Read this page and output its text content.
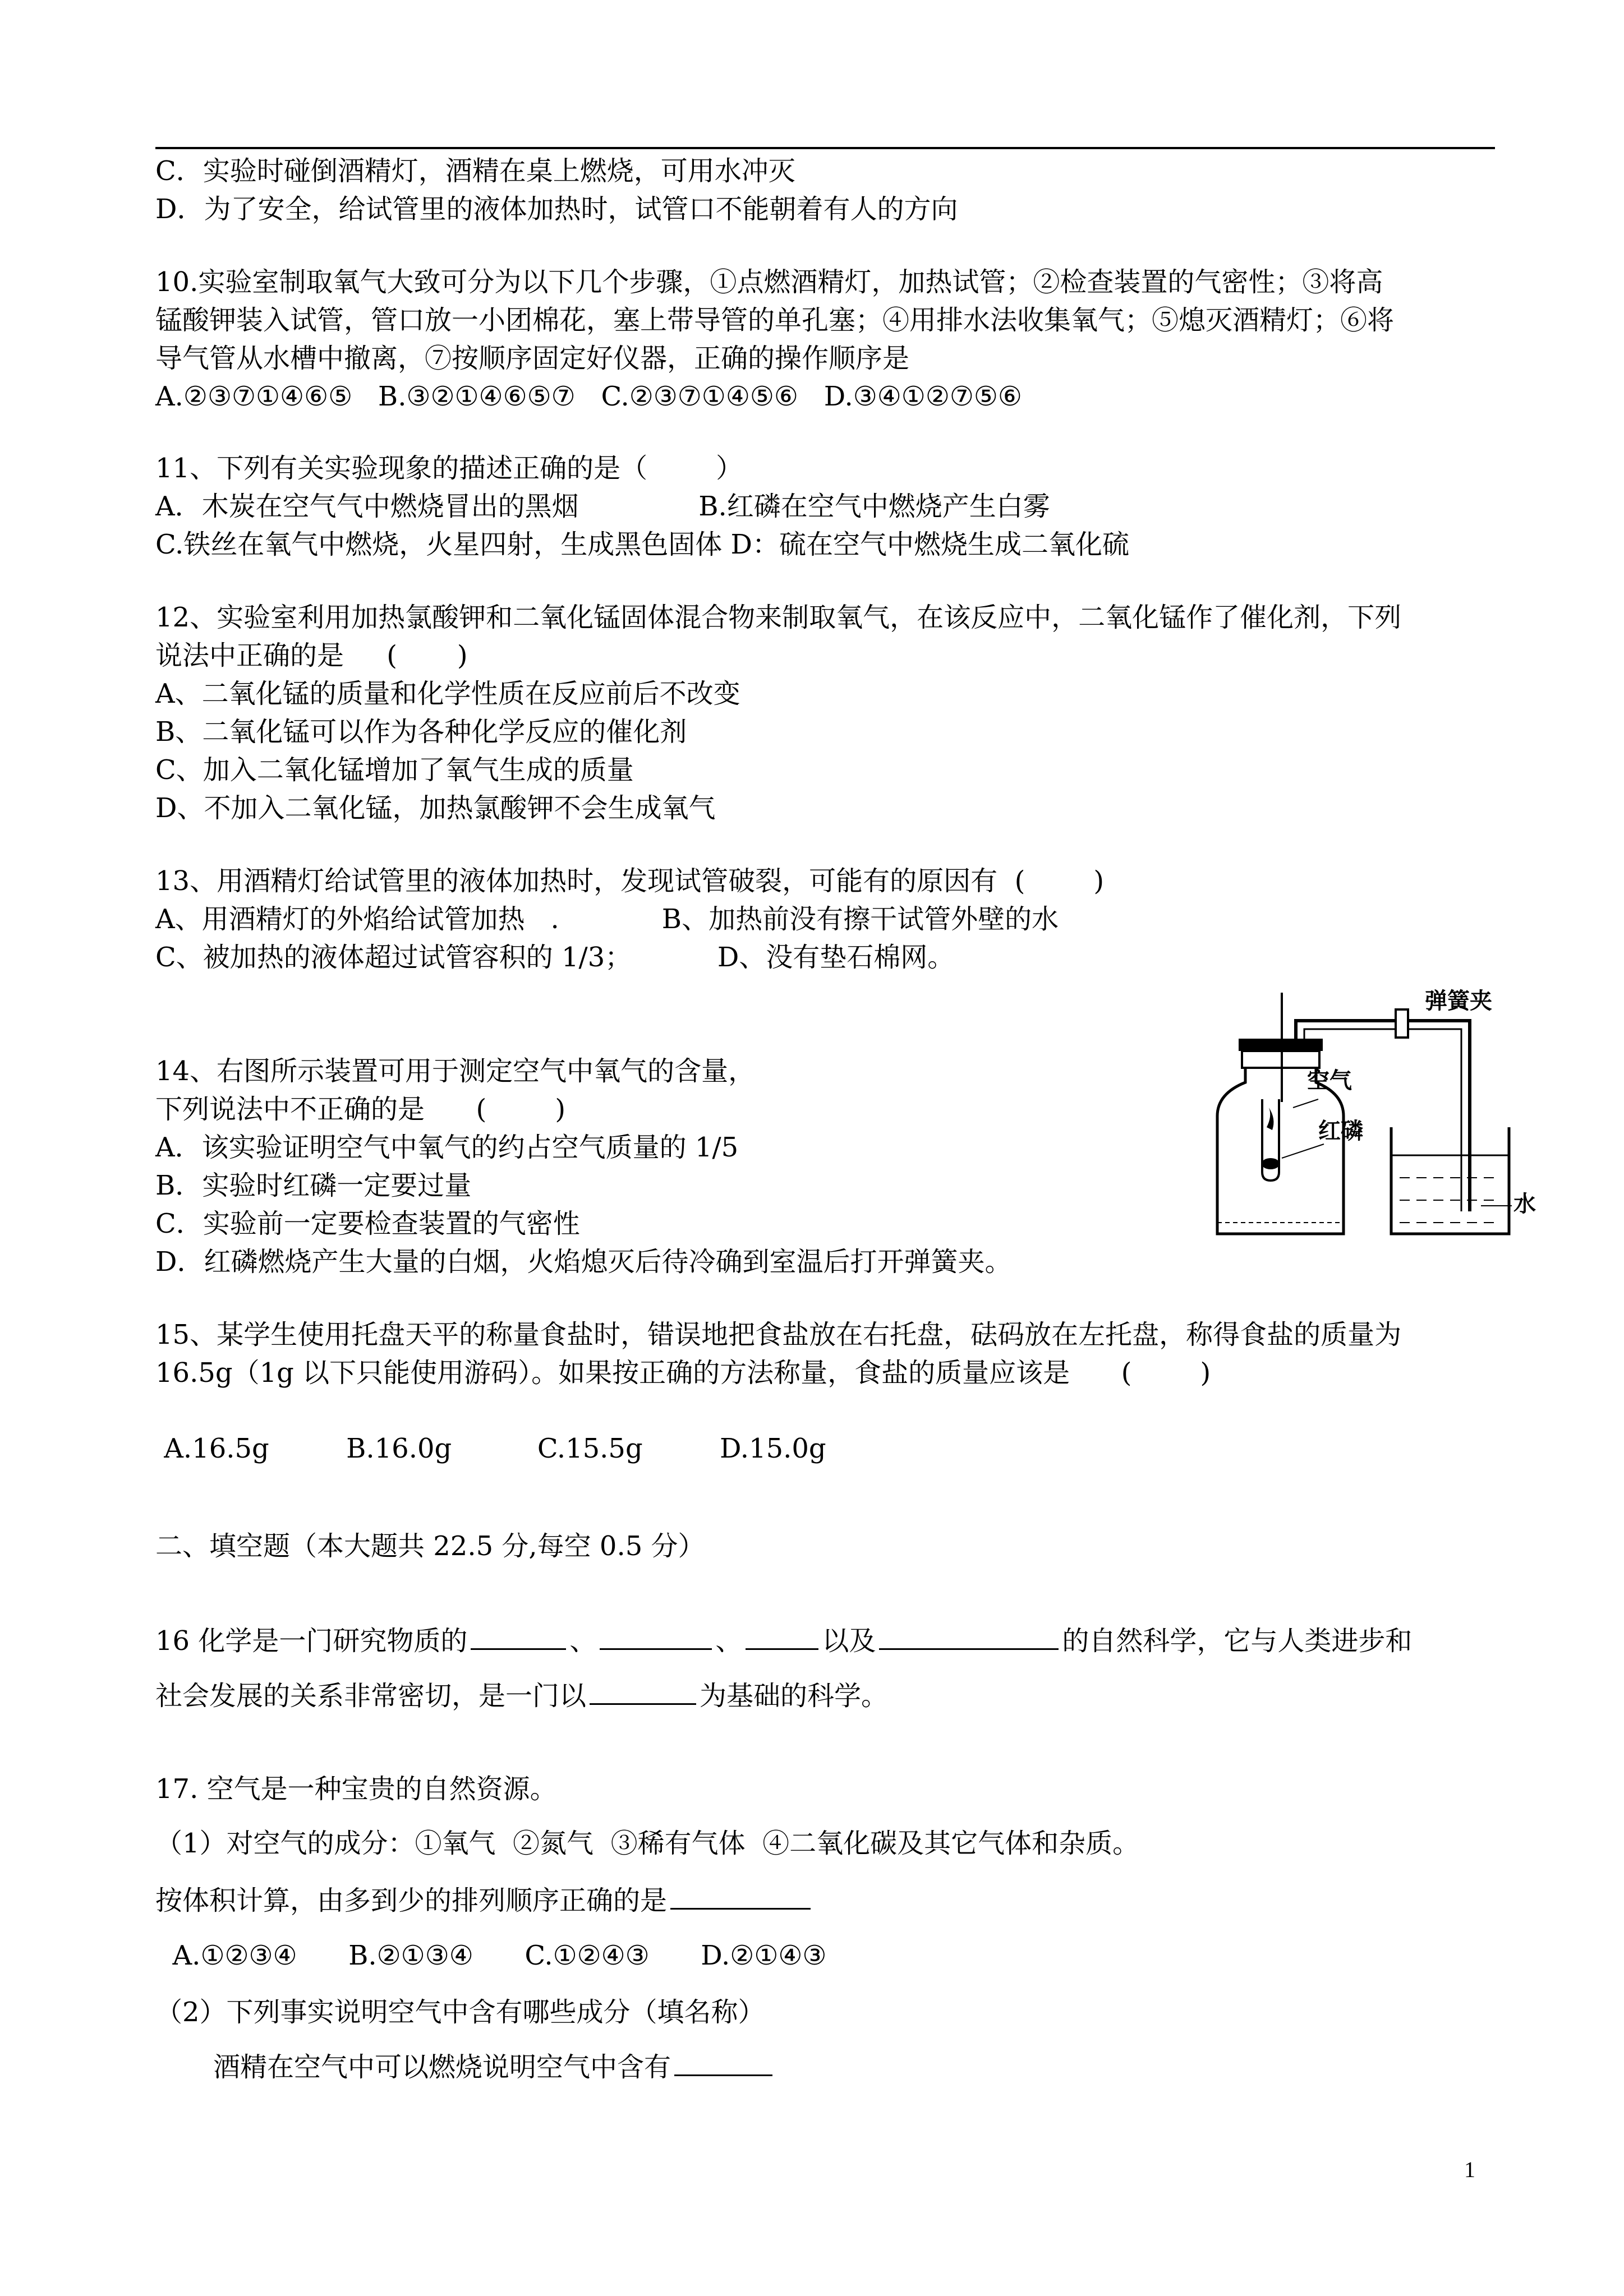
C．实验时碰倒酒精灯，酒精在桌上燃烧，可用水冲灭
D．为了安全，给试管里的液体加热时，试管口不能朝着有人的方向
10.实验室制取氧气大致可分为以下几个步骤，①点燃酒精灯，加热试管；②检查装置的气密性；③将高
锰酸钾装入试管，管口放一小团棉花，塞上带导管的单孔塞；④用排水法收集氧气；⑤熄灭酒精灯；⑥将
导气管从水槽中撤离，⑦按顺序固定好仪器，正确的操作顺序是
A.②③⑦①④⑥⑤   B.③②①④⑥⑤⑦   C.②③⑦①④⑤⑥   D.③④①②⑦⑤⑥
11、下列有关实验现象的描述正确的是（        ）
A．木炭在空气气中燃烧冒出的黑烟              B.红磷在空气中燃烧产生白雾
C.铁丝在氧气中燃烧，火星四射，生成黑色固体 D：硫在空气中燃烧生成二氧化硫
12、实验室利用加热氯酸钾和二氧化锰固体混合物来制取氧气，在该反应中，二氧化锰作了催化剂，下列
说法中正确的是     (       )
A、二氧化锰的质量和化学性质在反应前后不改变
B、二氧化锰可以作为各种化学反应的催化剂
C、加入二氧化锰增加了氧气生成的质量
D、不加入二氧化锰，加热氯酸钾不会生成氧气
13、用酒精灯给试管里的液体加热时，发现试管破裂，可能有的原因有  (        )
A、用酒精灯的外焰给试管加热   .            B、加热前没有擦干试管外壁的水
C、被加热的液体超过试管容积的 1/3；          D、没有垫石棉网。
14、右图所示装置可用于测定空气中氧气的含量，
下列说法中不正确的是      (        )
A．该实验证明空气中氧气的约占空气质量的 1/5
B．实验时红磷一定要过量
C．实验前一定要检查装置的气密性
D．红磷燃烧产生大量的白烟，火焰熄灭后待冷确到室温后打开弹簧夹。
弹簧夹
空气
红磷
水
15、某学生使用托盘天平的称量食盐时，错误地把食盐放在右托盘，砝码放在左托盘，称得食盐的质量为
16.5g（1g 以下只能使用游码）。如果按正确的方法称量，食盐的质量应该是      (        )
A.16.5g         B.16.0g          C.15.5g         D.15.0g
二、填空题（本大题共 22.5 分,每空 0.5 分）
16 化学是一门研究物质的	、	、	以及	的自然科学，它与人类进步和
社会发展的关系非常密切，是一门以	为基础的科学。
17. 空气是一种宝贵的自然资源。
（1）对空气的成分：①氧气  ②氮气  ③稀有气体  ④二氧化碳及其它气体和杂质。
按体积计算，由多到少的排列顺序正确的是
A.①②③④      B.②①③④      C.①②④③      D.②①④③
（2）下列事实说明空气中含有哪些成分（填名称）
酒精在空气中可以燃烧说明空气中含有
1
